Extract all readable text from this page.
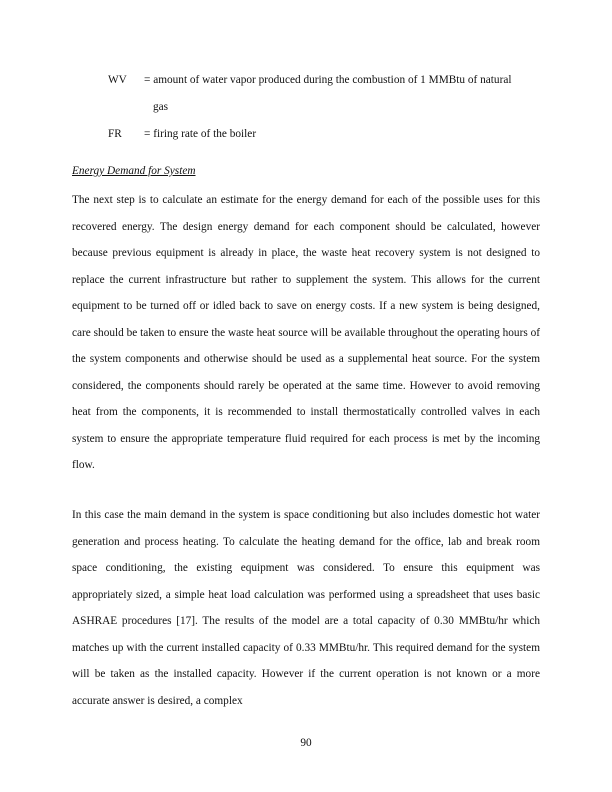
WV = amount of water vapor produced during the combustion of 1 MMBtu of natural
gas
FR = firing rate of the boiler
Energy Demand for System

The next step is to calculate an estimate for the energy demand for each of the possible uses for this recovered energy. The design energy demand for each component should be calculated, however because previous equipment is already in place, the waste heat recovery system is not designed to replace the current infrastructure but rather to supplement the system. This allows for the current equipment to be turned off or idled back to save on energy costs. If a new system is being designed, care should be taken to ensure the waste heat source will be available throughout the operating hours of the system components and otherwise should be used as a supplemental heat source. For the system considered, the components should rarely be operated at the same time. However to avoid removing heat from the components, it is recommended to install thermostatically controlled valves in each system to ensure the appropriate temperature fluid required for each process is met by the incoming flow.

In this case the main demand in the system is space conditioning but also includes domestic hot water generation and process heating. To calculate the heating demand for the office, lab and break room space conditioning, the existing equipment was considered. To ensure this equipment was appropriately sized, a simple heat load calculation was performed using a spreadsheet that uses basic ASHRAE procedures [17]. The results of the model are a total capacity of 0.30 MMBtu/hr which matches up with the current installed capacity of 0.33 MMBtu/hr. This required demand for the system will be taken as the installed capacity. However if the current operation is not known or a more accurate answer is desired, a complex

90
